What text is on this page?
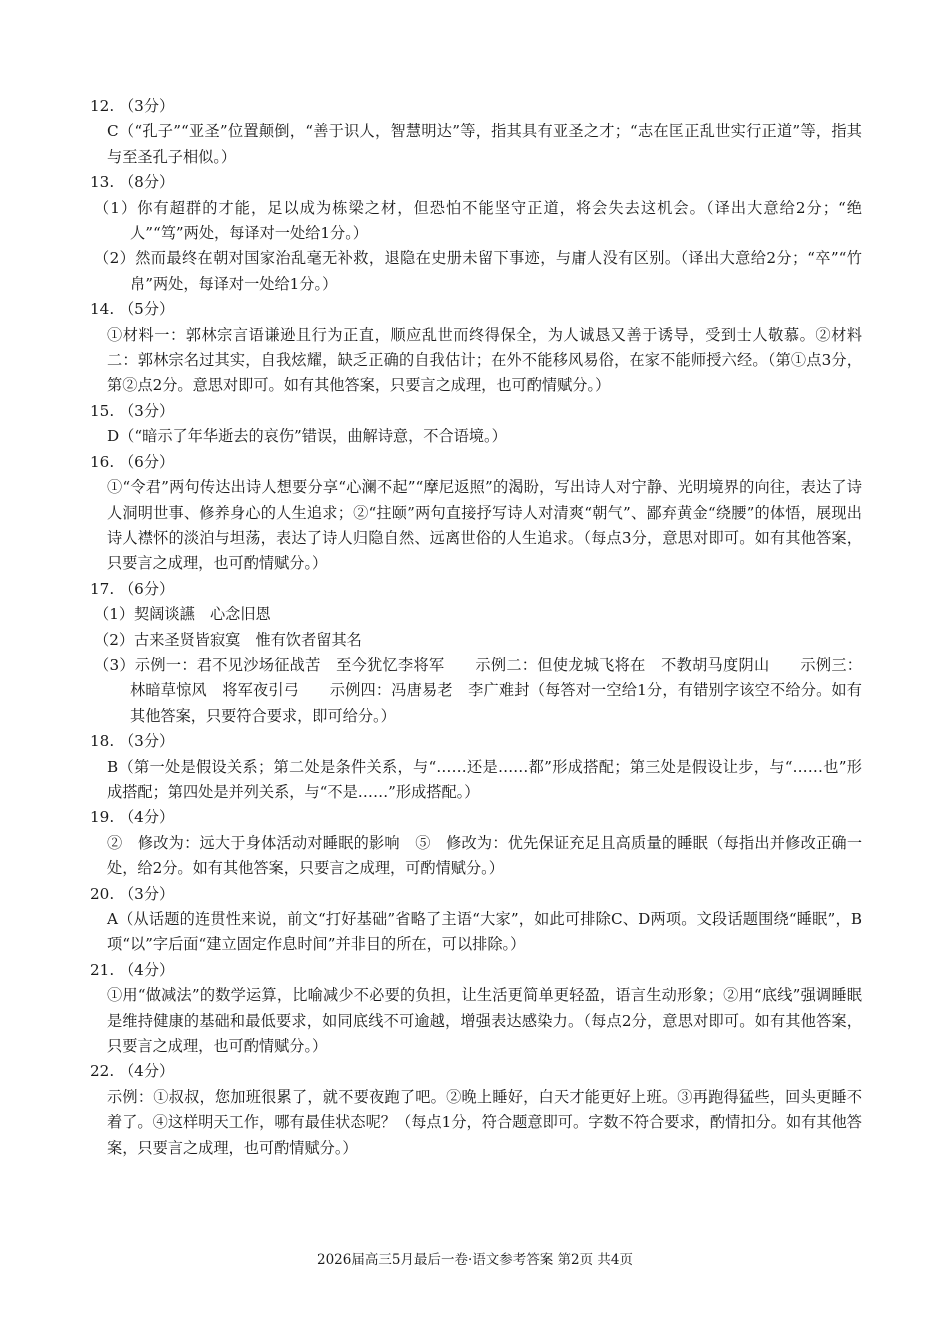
12. （3分）
C（“孔子”“亚圣”位置颠倒，“善于识人，智慧明达”等，指其具有亚圣之才；“志在匡正乱世实行正道”等，指其与至圣孔子相似。）
13. （8分）
（1）你有超群的才能，足以成为栋梁之材，但恐怕不能坚守正道，将会失去这机会。（译出大意给2分；“绝人”“笃”两处，每译对一处给1分。）
（2）然而最终在朝对国家治乱毫无补救，退隐在史册未留下事迹，与庸人没有区别。（译出大意给2分；“卒”“竹帛”两处，每译对一处给1分。）
14. （5分）
①材料一：郭林宗言语谦逊且行为正直，顺应乱世而终得保全，为人诚恳又善于诱导，受到士人敬慕。②材料二：郭林宗名过其实，自我炫耀，缺乏正确的自我估计；在外不能移风易俗，在家不能师授六经。（第①点3分，第②点2分。意思对即可。如有其他答案，只要言之成理，也可酌情赋分。）
15. （3分）
D（“暗示了年华逝去的哀伤”错误，曲解诗意，不合语境。）
16. （6分）
①“令君”两句传达出诗人想要分享“心澜不起”“摩尼返照”的渴盼，写出诗人对宁静、光明境界的向往，表达了诗人洞明世事、修养身心的人生追求；②“拄颐”两句直接抒写诗人对清爽“朝气”、鄙弃黄金“绕腰”的体悟，展现出诗人襟怀的淡泊与坦荡，表达了诗人归隐自然、远离世俗的人生追求。（每点3分，意思对即可。如有其他答案，只要言之成理，也可酌情赋分。）
17. （6分）
（1）契阔谈讌　心念旧恩
（2）古来圣贤皆寂寞　惟有饮者留其名
（3）示例一：君不见沙场征战苦　至今犹忆李将军　　示例二：但使龙城飞将在　不教胡马度阴山　　示例三：林暗草惊风　将军夜引弓　　示例四：冯唐易老　李广难封（每答对一空给1分，有错别字该空不给分。如有其他答案，只要符合要求，即可给分。）
18. （3分）
B（第一处是假设关系；第二处是条件关系，与“……还是……都”形成搭配；第三处是假设让步，与“……也”形成搭配；第四处是并列关系，与“不是……”形成搭配。）
19. （4分）
②　修改为：远大于身体活动对睡眠的影响　⑤　修改为：优先保证充足且高质量的睡眠（每指出并修改正确一处，给2分。如有其他答案，只要言之成理，可酌情赋分。）
20. （3分）
A（从话题的连贯性来说，前文“打好基础”省略了主语“大家”，如此可排除C、D两项。文段话题围绕“睡眠”，B项“以”字后面“建立固定作息时间”并非目的所在，可以排除。）
21. （4分）
①用“做减法”的数学运算，比喻减少不必要的负担，让生活更简单更轻盈，语言生动形象；②用“底线”强调睡眠是维持健康的基础和最低要求，如同底线不可逾越，增强表达感染力。（每点2分，意思对即可。如有其他答案，只要言之成理，也可酌情赋分。）
22. （4分）
示例：①叔叔，您加班很累了，就不要夜跑了吧。②晚上睡好，白天才能更好上班。③再跑得猛些，回头更睡不着了。④这样明天工作，哪有最佳状态呢？（每点1分，符合题意即可。字数不符合要求，酌情扣分。如有其他答案，只要言之成理，也可酌情赋分。）
2026届高三5月最后一卷·语文参考答案 第2页 共4页
